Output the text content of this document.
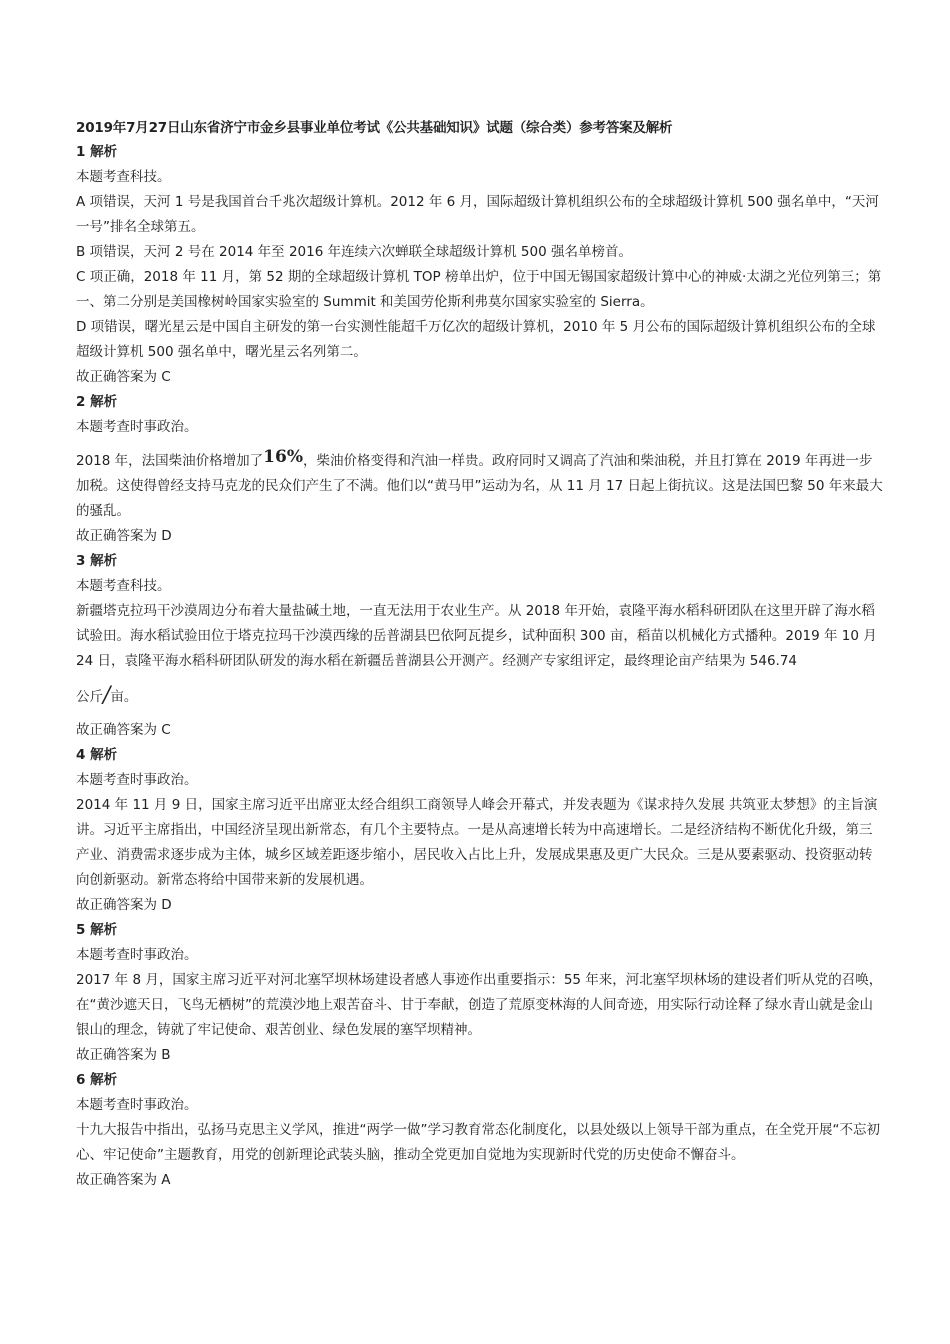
2019年7月27日山东省济宁市金乡县事业单位考试《公共基础知识》试题（综合类）参考答案及解析
1 解析

本题考查科技。

A 项错误，天河 1 号是我国首台千兆次超级计算机。2012 年 6 月，国际超级计算机组织公布的全球超级计算机 500 强名单中，“天河一号”排名全球第五。

B 项错误，天河 2 号在 2014 年至 2016 年连续六次蝉联全球超级计算机 500 强名单榜首。

C 项正确，2018 年 11 月，第 52 期的全球超级计算机 TOP 榜单出炉，位于中国无锡国家超级计算中心的神威·太湖之光位列第三；第一、第二分别是美国橡树岭国家实验室的 Summit 和美国劳伦斯利弗莫尔国家实验室的 Sierra。

D 项错误，曙光星云是中国自主研发的第一台实测性能超千万亿次的超级计算机，2010 年 5 月公布的国际超级计算机组织公布的全球超级计算机 500 强名单中，曙光星云名列第二。

故正确答案为 C

2 解析

本题考查时事政治。

2018 年，法国柴油价格增加了16%，柴油价格变得和汽油一样贵。政府同时又调高了汽油和柴油税，并且打算在 2019 年再进一步加税。这使得曾经支持马克龙的民众们产生了不满。他们以“黄马甲”运动为名，从 11 月 17 日起上街抗议。这是法国巴黎 50 年来最大的骚乱。

故正确答案为 D

3 解析

本题考查科技。

新疆塔克拉玛干沙漠周边分布着大量盐碱土地，一直无法用于农业生产。从 2018 年开始，袁隆平海水稻科研团队在这里开辟了海水稻试验田。海水稻试验田位于塔克拉玛干沙漠西缘的岳普湖县巴依阿瓦提乡，试种面积 300 亩，稻苗以机械化方式播种。2019 年 10 月 24 日，袁隆平海水稻科研团队研发的海水稻在新疆岳普湖县公开测产。经测产专家组评定，最终理论亩产结果为 546.74

公斤/亩。

故正确答案为 C

4 解析

本题考查时事政治。

2014 年 11 月 9 日，国家主席习近平出席亚太经合组织工商领导人峰会开幕式，并发表题为《谋求持久发展 共筑亚太梦想》的主旨演讲。习近平主席指出，中国经济呈现出新常态，有几个主要特点。一是从高速增长转为中高速增长。二是经济结构不断优化升级，第三产业、消费需求逐步成为主体，城乡区域差距逐步缩小，居民收入占比上升，发展成果惠及更广大民众。三是从要素驱动、投资驱动转向创新驱动。新常态将给中国带来新的发展机遇。

故正确答案为 D

5 解析

本题考查时事政治。

2017 年 8 月，国家主席习近平对河北塞罕坝林场建设者感人事迹作出重要指示：55 年来，河北塞罕坝林场的建设者们听从党的召唤，在“黄沙遮天日，飞鸟无栖树”的荒漠沙地上艰苦奋斗、甘于奉献，创造了荒原变林海的人间奇迹，用实际行动诠释了绿水青山就是金山银山的理念，铸就了牢记使命、艰苦创业、绿色发展的塞罕坝精神。

故正确答案为 B

6 解析

本题考查时事政治。

十九大报告中指出，弘扬马克思主义学风，推进“两学一做”学习教育常态化制度化，以县处级以上领导干部为重点，在全党开展“不忘初心、牢记使命”主题教育，用党的创新理论武装头脑，推动全党更加自觉地为实现新时代党的历史使命不懈奋斗。

故正确答案为 A
